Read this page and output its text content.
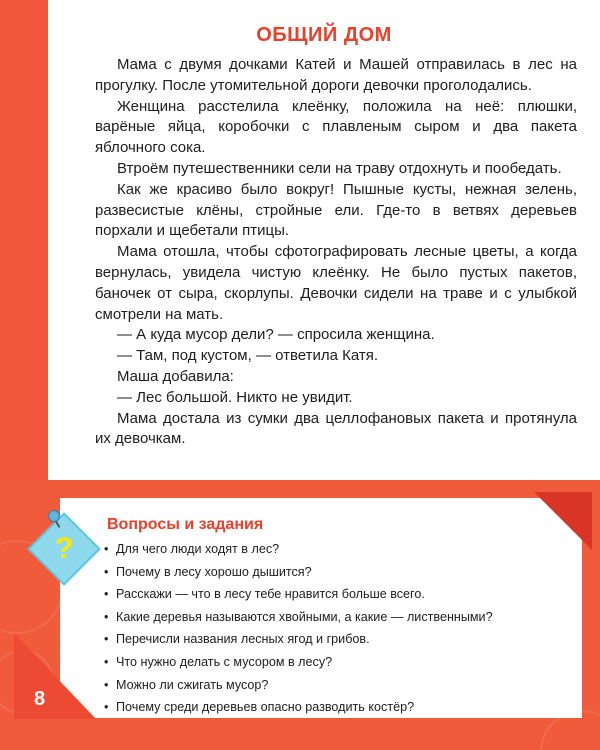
ОБЩИЙ ДОМ

Мама с двумя дочками Катей и Машей отправилась в лес на прогулку. После утомительной дороги девочки проголодались.

Женщина расстелила клеёнку, положила на неё: плюшки, варёные яйца, коробочки с плавленым сыром и два пакета яблочного сока.

Втроём путешественники сели на траву отдохнуть и пообедать.

Как же красиво было вокруг! Пышные кусты, нежная зелень, развесистые клёны, стройные ели. Где-то в ветвях деревьев порхали и щебетали птицы.

Мама отошла, чтобы сфотографировать лесные цветы, а когда вернулась, увидела чистую клеёнку. Не было пустых пакетов, баночек от сыра, скорлупы. Девочки сидели на траве и с улыбкой смотрели на мать.

— А куда мусор дели? — спросила женщина.

— Там, под кустом, — ответила Катя.

Маша добавила:

— Лес большой. Никто не увидит.

Мама достала из сумки два целлофановых пакета и протянула их девочкам.

8
?
Вопросы и задания
• Для чего люди ходят в лес?
• Почему в лесу хорошо дышится?
• Расскажи — что в лесу тебе нравится больше всего.
• Какие деревья называются хвойными, а какие — лиственными?
• Перечисли названия лесных ягод и грибов.
• Что нужно делать с мусором в лесу?
• Можно ли сжигать мусор?
• Почему среди деревьев опасно разводить костёр?
